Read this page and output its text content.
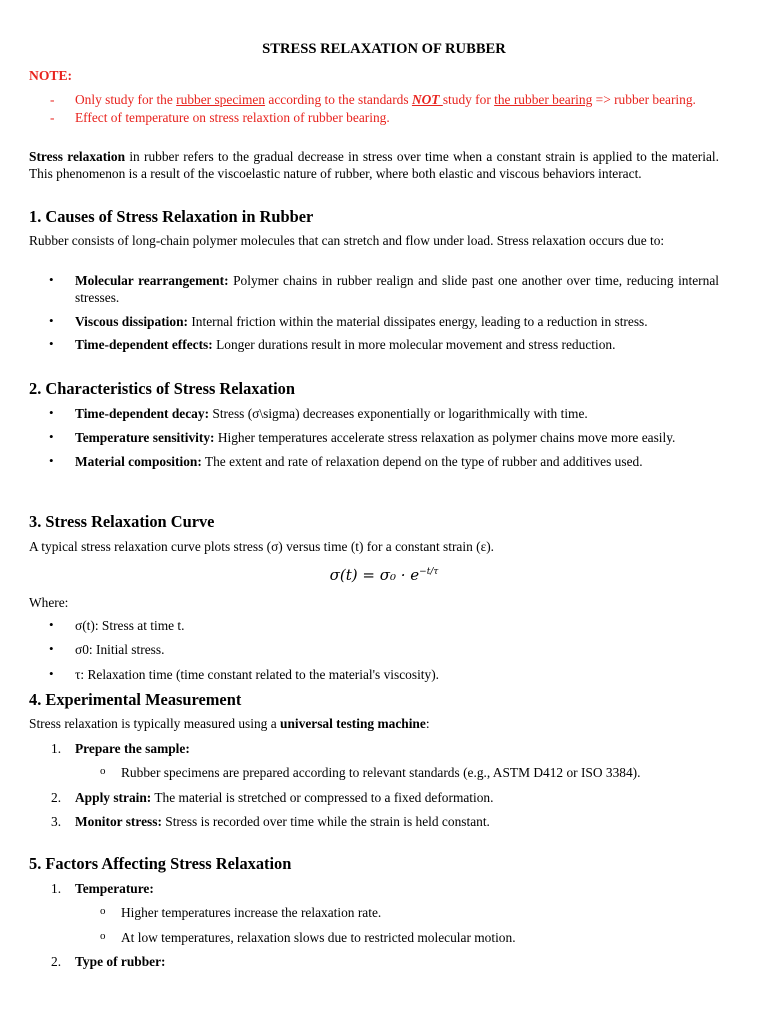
STRESS RELAXATION OF RUBBER
NOTE:
- Only study for the rubber specimen according to the standards NOT study for the rubber bearing => rubber bearing.
- Effect of temperature on stress relaxtion of rubber bearing.
Stress relaxation in rubber refers to the gradual decrease in stress over time when a constant strain is applied to the material. This phenomenon is a result of the viscoelastic nature of rubber, where both elastic and viscous behaviors interact.
1. Causes of Stress Relaxation in Rubber
Rubber consists of long-chain polymer molecules that can stretch and flow under load. Stress relaxation occurs due to:
• Molecular rearrangement: Polymer chains in rubber realign and slide past one another over time, reducing internal stresses.
• Viscous dissipation: Internal friction within the material dissipates energy, leading to a reduction in stress.
• Time-dependent effects: Longer durations result in more molecular movement and stress reduction.
2. Characteristics of Stress Relaxation
• Time-dependent decay: Stress (σ\sigma) decreases exponentially or logarithmically with time.
• Temperature sensitivity: Higher temperatures accelerate stress relaxation as polymer chains move more easily.
• Material composition: The extent and rate of relaxation depend on the type of rubber and additives used.
3. Stress Relaxation Curve
A typical stress relaxation curve plots stress (σ) versus time (t) for a constant strain (ε).
$\sigma(t) = \sigma_0 \cdot e^{-t/\tau}$
Where:
• σ(t): Stress at time t.
• σ0: Initial stress.
• τ: Relaxation time (time constant related to the material's viscosity).
4. Experimental Measurement
Stress relaxation is typically measured using a universal testing machine:
1. Prepare the sample:
o Rubber specimens are prepared according to relevant standards (e.g., ASTM D412 or ISO 3384).
2. Apply strain: The material is stretched or compressed to a fixed deformation.
3. Monitor stress: Stress is recorded over time while the strain is held constant.
5. Factors Affecting Stress Relaxation
1. Temperature:
o Higher temperatures increase the relaxation rate.
o At low temperatures, relaxation slows due to restricted molecular motion.
2. Type of rubber:
